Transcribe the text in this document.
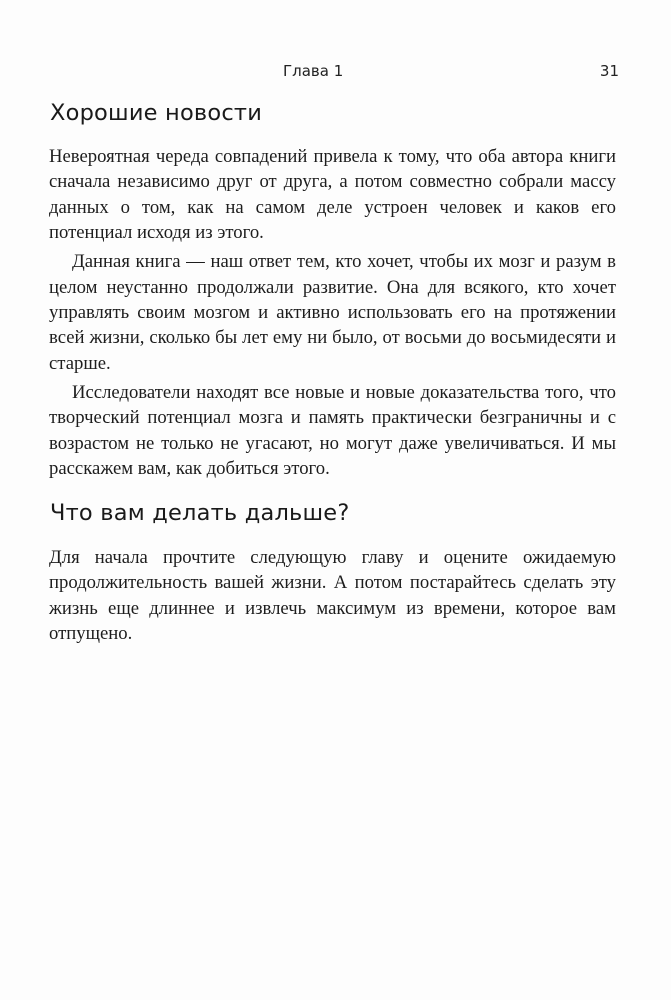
Глава 1	31
Хорошие новости

Невероятная череда совпадений привела к тому, что оба автора книги сначала независимо друг от друга, а потом совместно собрали массу данных о том, как на самом деле устроен человек и каков его потенциал исходя из этого.

Данная книга — наш ответ тем, кто хочет, чтобы их мозг и разум в целом неустанно продолжали развитие. Она для всякого, кто хочет управлять своим мозгом и активно использовать его на протяжении всей жизни, сколько бы лет ему ни было, от восьми до восьмидесяти и старше.

Исследователи находят все новые и новые доказательства того, что творческий потенциал мозга и память практически безграничны и с возрастом не только не угасают, но могут даже увеличиваться. И мы расскажем вам, как добиться этого.

Что вам делать дальше?

Для начала прочтите следующую главу и оцените ожидаемую продолжительность вашей жизни. А потом постарайтесь сделать эту жизнь еще длиннее и извлечь максимум из времени, которое вам отпущено.
